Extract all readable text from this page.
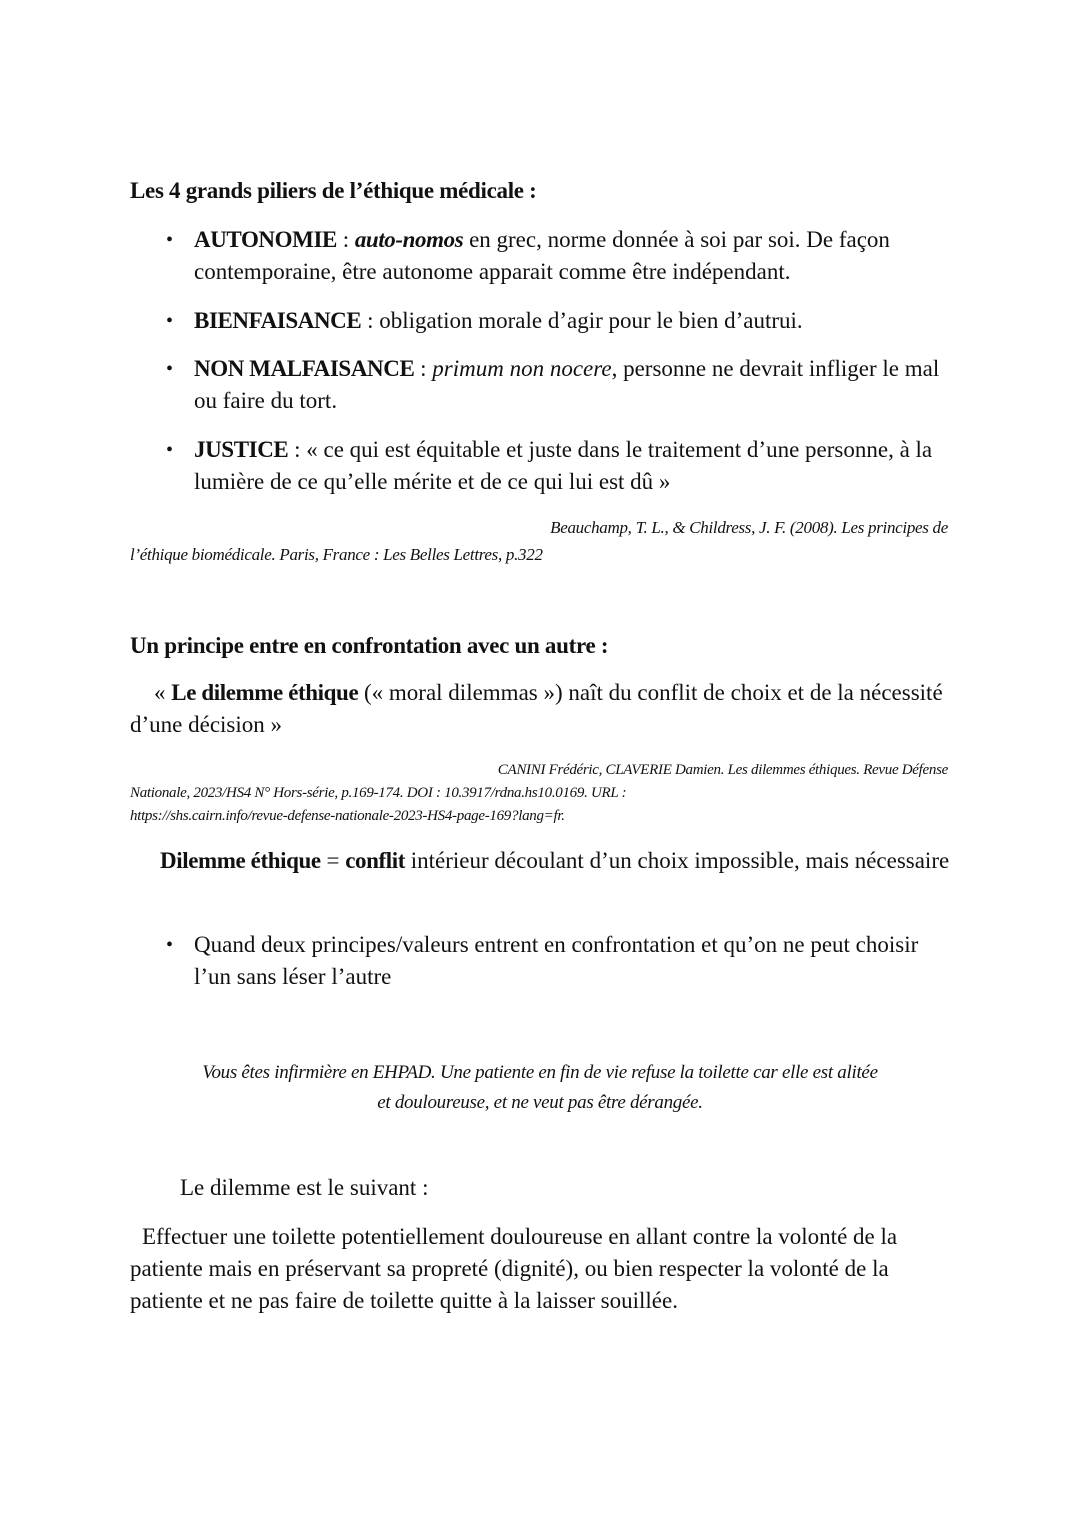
Les 4 grands piliers de l’éthique médicale :
• AUTONOMIE : auto-nomos en grec, norme donnée à soi par soi. De façon contemporaine, être autonome apparait comme être indépendant.
• BIENFAISANCE : obligation morale d’agir pour le bien d’autrui.
• NON MALFAISANCE : primum non nocere, personne ne devrait infliger le mal ou faire du tort.
• JUSTICE : « ce qui est équitable et juste dans le traitement d’une personne, à la lumière de ce qu’elle mérite et de ce qui lui est dû »
Beauchamp, T. L., & Childress, J. F. (2008). Les principes de
l’éthique biomédicale. Paris, France : Les Belles Lettres, p.322
Un principe entre en confrontation avec un autre :
« Le dilemme éthique (« moral dilemmas ») naît du conflit de choix et de la nécessité d’une décision »
CANINI Frédéric, CLAVERIE Damien. Les dilemmes éthiques. Revue Défense
Nationale, 2023/HS4 N° Hors-série, p.169-174. DOI : 10.3917/rdna.hs10.0169. URL :
https://shs.cairn.info/revue-defense-nationale-2023-HS4-page-169?lang=fr.
Dilemme éthique = conflit intérieur découlant d’un choix impossible, mais nécessaire
• Quand deux principes/valeurs entrent en confrontation et qu’on ne peut choisir l’un sans léser l’autre
Vous êtes infirmière en EHPAD. Une patiente en fin de vie refuse la toilette car elle est alitée
et douloureuse, et ne veut pas être dérangée.
Le dilemme est le suivant :
Effectuer une toilette potentiellement douloureuse en allant contre la volonté de la patiente mais en préservant sa propreté (dignité), ou bien respecter la volonté de la patiente et ne pas faire de toilette quitte à la laisser souillée.
